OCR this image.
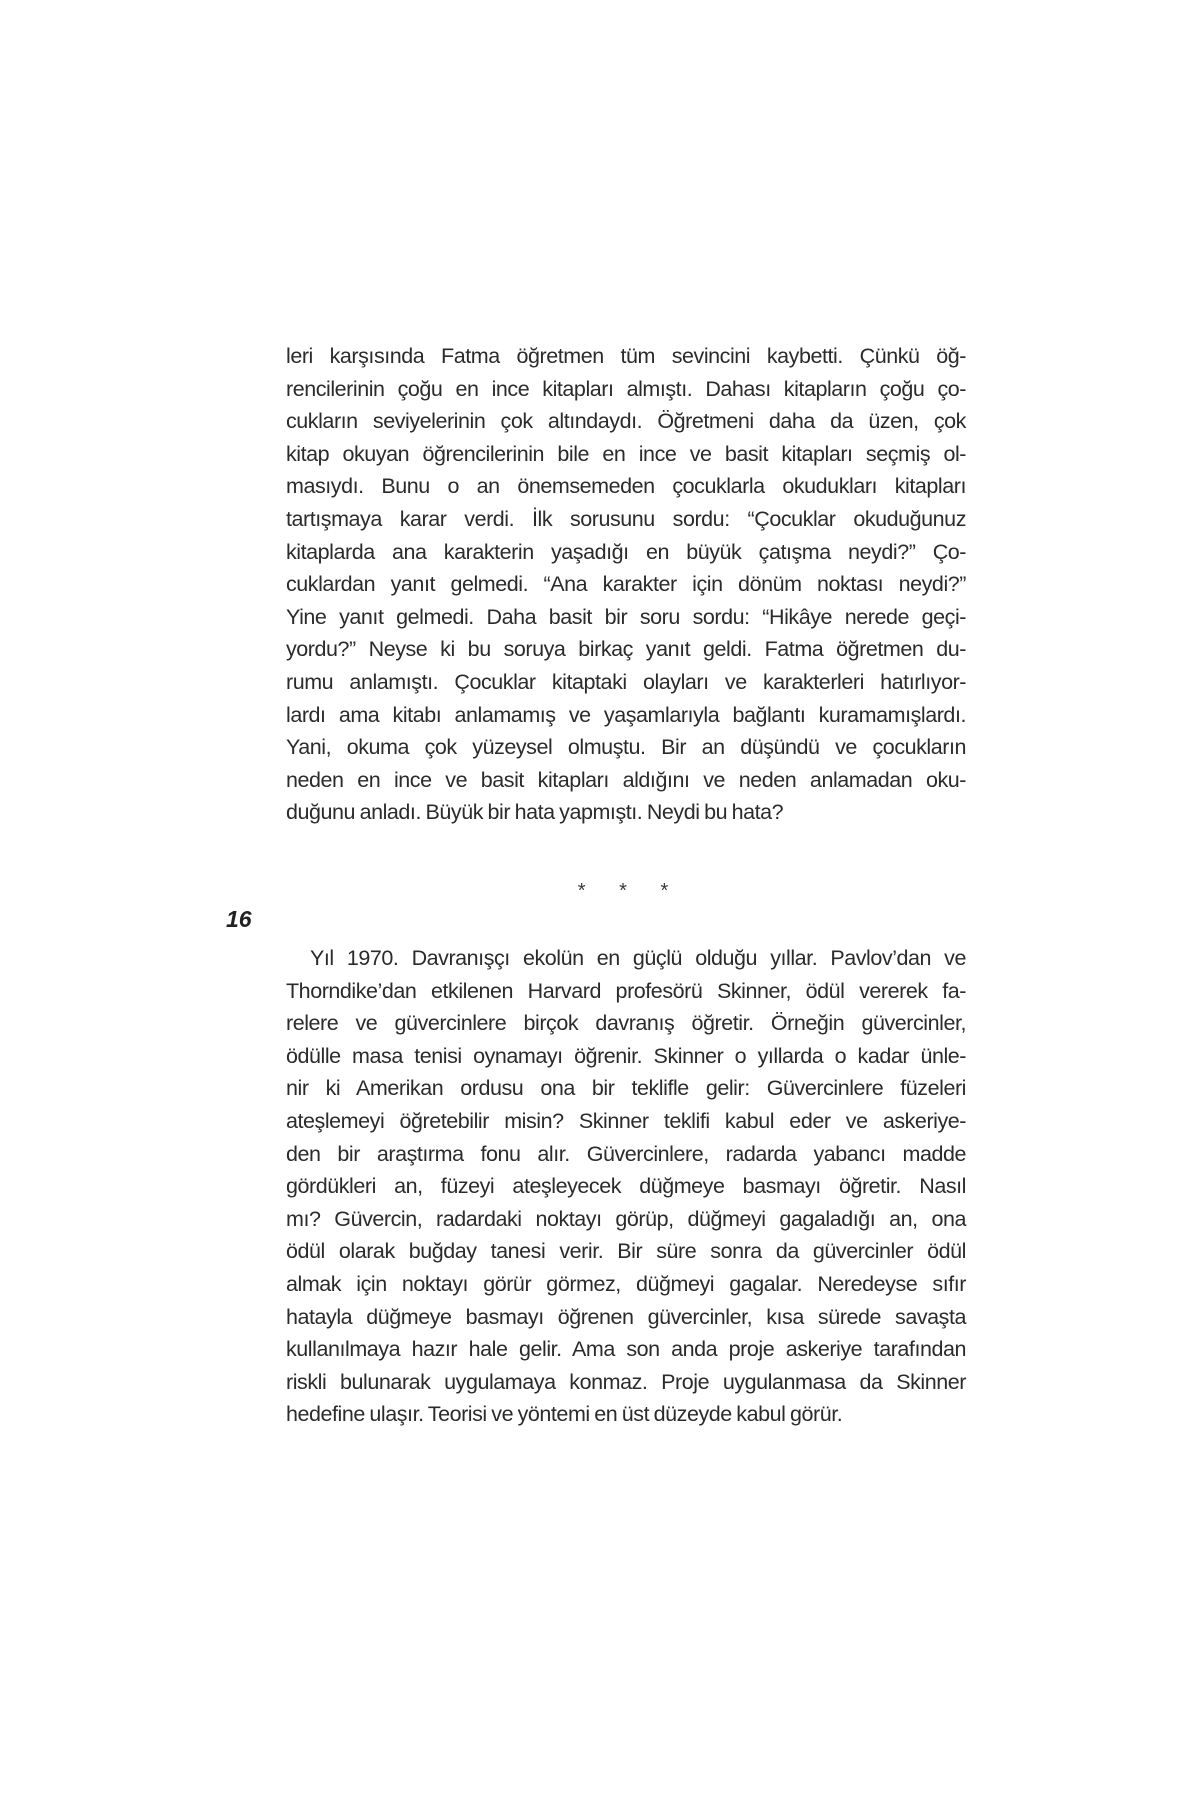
leri karşısında Fatma öğretmen tüm sevincini kaybetti. Çünkü öğ-
rencilerinin çoğu en ince kitapları almıştı. Dahası kitapların çoğu ço-
cukların seviyelerinin çok altındaydı. Öğretmeni daha da üzen, çok
kitap okuyan öğrencilerinin bile en ince ve basit kitapları seçmiş ol-
masıydı. Bunu o an önemsemeden çocuklarla okudukları kitapları
tartışmaya karar verdi. İlk sorusunu sordu: “Çocuklar okuduğunuz
kitaplarda ana karakterin yaşadığı en büyük çatışma neydi?” Ço-
cuklardan yanıt gelmedi. “Ana karakter için dönüm noktası neydi?”
Yine yanıt gelmedi. Daha basit bir soru sordu: “Hikâye nerede geçi-
yordu?” Neyse ki bu soruya birkaç yanıt geldi. Fatma öğretmen du-
rumu anlamıştı. Çocuklar kitaptaki olayları ve karakterleri hatırlıyor-
lardı ama kitabı anlamamış ve yaşamlarıyla bağlantı kuramamışlardı.
Yani, okuma çok yüzeysel olmuştu. Bir an düşündü ve çocukların
neden en ince ve basit kitapları aldığını ve neden anlamadan oku-
duğunu anladı. Büyük bir hata yapmıştı. Neydi bu hata?
* * *
16
Yıl 1970. Davranışçı ekolün en güçlü olduğu yıllar. Pavlov’dan ve
Thorndike’dan etkilenen Harvard profesörü Skinner, ödül vererek fa-
relere ve güvercinlere birçok davranış öğretir. Örneğin güvercinler,
ödülle masa tenisi oynamayı öğrenir. Skinner o yıllarda o kadar ünle-
nir ki Amerikan ordusu ona bir teklifle gelir: Güvercinlere füzeleri
ateşlemeyi öğretebilir misin? Skinner teklifi kabul eder ve askeriye-
den bir araştırma fonu alır. Güvercinlere, radarda yabancı madde
gördükleri an, füzeyi ateşleyecek düğmeye basmayı öğretir. Nasıl
mı? Güvercin, radardaki noktayı görüp, düğmeyi gagaladığı an, ona
ödül olarak buğday tanesi verir. Bir süre sonra da güvercinler ödül
almak için noktayı görür görmez, düğmeyi gagalar. Neredeyse sıfır
hatayla düğmeye basmayı öğrenen güvercinler, kısa sürede savaşta
kullanılmaya hazır hale gelir. Ama son anda proje askeriye tarafından
riskli bulunarak uygulamaya konmaz. Proje uygulanmasa da Skinner
hedefine ulaşır. Teorisi ve yöntemi en üst düzeyde kabul görür.
